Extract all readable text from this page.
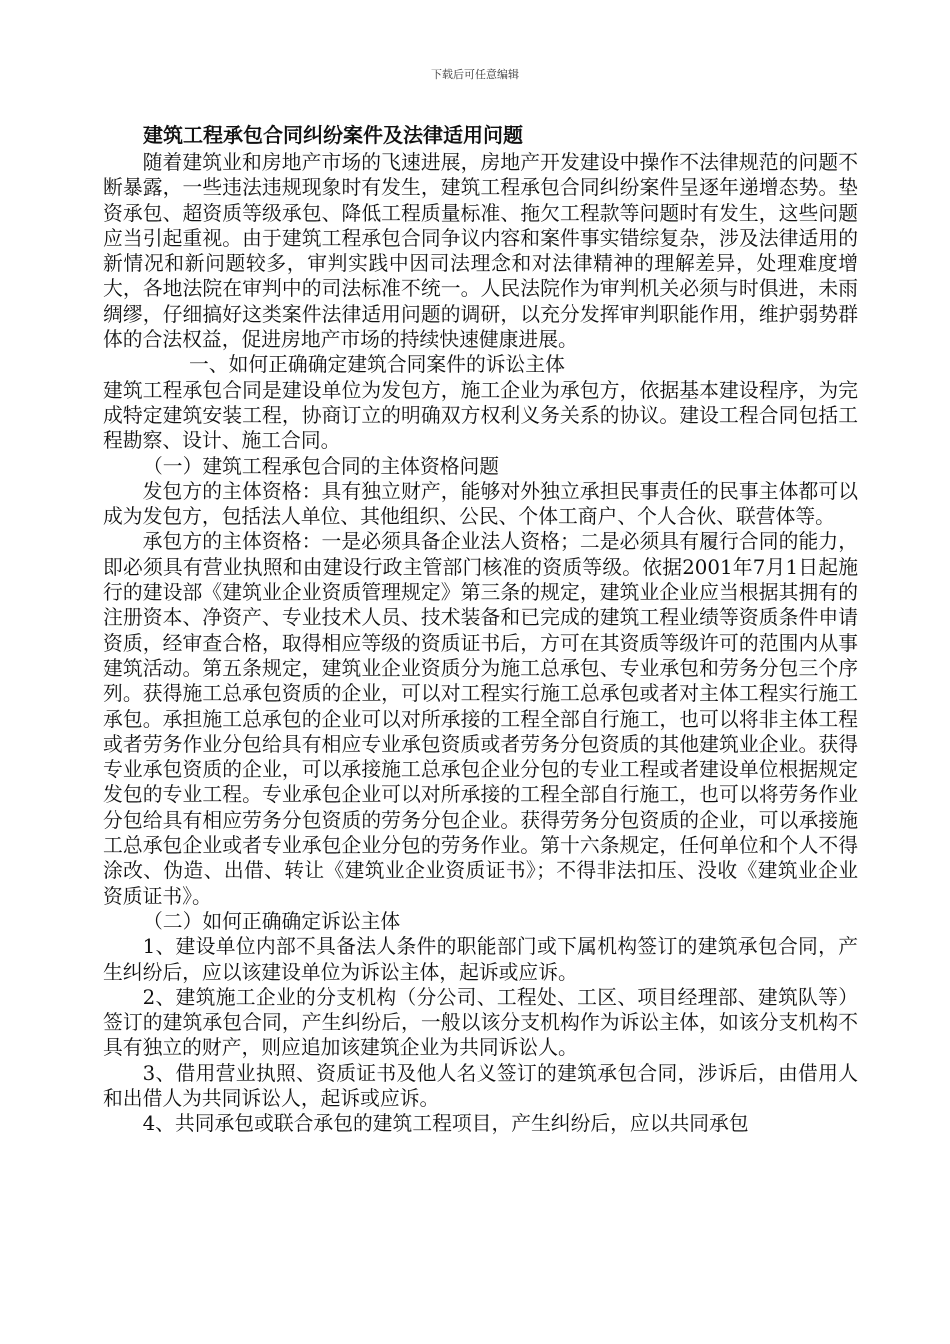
下载后可任意编辑
建筑工程承包合同纠纷案件及法律适用问题
随着建筑业和房地产市场的飞速进展，房地产开发建设中操作不法律规范的问题不断暴露，一些违法违规现象时有发生，建筑工程承包合同纠纷案件呈逐年递增态势。垫资承包、超资质等级承包、降低工程质量标准、拖欠工程款等问题时有发生，这些问题应当引起重视。由于建筑工程承包合同争议内容和案件事实错综复杂，涉及法律适用的新情况和新问题较多，审判实践中因司法理念和对法律精神的理解差异，处理难度增大，各地法院在审判中的司法标准不统一。人民法院作为审判机关必须与时俱进，未雨绸缪，仔细搞好这类案件法律适用问题的调研，以充分发挥审判职能作用，维护弱势群体的合法权益，促进房地产市场的持续快速健康进展。
一、如何正确确定建筑合同案件的诉讼主体
建筑工程承包合同是建设单位为发包方，施工企业为承包方，依据基本建设程序，为完成特定建筑安装工程，协商订立的明确双方权利义务关系的协议。建设工程合同包括工程勘察、设计、施工合同。
（一）建筑工程承包合同的主体资格问题
发包方的主体资格：具有独立财产，能够对外独立承担民事责任的民事主体都可以成为发包方，包括法人单位、其他组织、公民、个体工商户、个人合伙、联营体等。
承包方的主体资格：一是必须具备企业法人资格；二是必须具有履行合同的能力，即必须具有营业执照和由建设行政主管部门核准的资质等级。依据2001年7月1日起施行的建设部《建筑业企业资质管理规定》第三条的规定，建筑业企业应当根据其拥有的注册资本、净资产、专业技术人员、技术装备和已完成的建筑工程业绩等资质条件申请资质，经审查合格，取得相应等级的资质证书后，方可在其资质等级许可的范围内从事建筑活动。第五条规定，建筑业企业资质分为施工总承包、专业承包和劳务分包三个序列。获得施工总承包资质的企业，可以对工程实行施工总承包或者对主体工程实行施工承包。承担施工总承包的企业可以对所承接的工程全部自行施工，也可以将非主体工程或者劳务作业分包给具有相应专业承包资质或者劳务分包资质的其他建筑业企业。获得专业承包资质的企业，可以承接施工总承包企业分包的专业工程或者建设单位根据规定发包的专业工程。专业承包企业可以对所承接的工程全部自行施工，也可以将劳务作业分包给具有相应劳务分包资质的劳务分包企业。获得劳务分包资质的企业，可以承接施工总承包企业或者专业承包企业分包的劳务作业。第十六条规定，任何单位和个人不得涂改、伪造、出借、转让《建筑业企业资质证书》；不得非法扣压、没收《建筑业企业资质证书》。
（二）如何正确确定诉讼主体
1、建设单位内部不具备法人条件的职能部门或下属机构签订的建筑承包合同，产生纠纷后，应以该建设单位为诉讼主体，起诉或应诉。
2、建筑施工企业的分支机构（分公司、工程处、工区、项目经理部、建筑队等）签订的建筑承包合同，产生纠纷后，一般以该分支机构作为诉讼主体，如该分支机构不具有独立的财产，则应追加该建筑企业为共同诉讼人。
3、借用营业执照、资质证书及他人名义签订的建筑承包合同，涉诉后，由借用人和出借人为共同诉讼人，起诉或应诉。
4、共同承包或联合承包的建筑工程项目，产生纠纷后，应以共同承包
